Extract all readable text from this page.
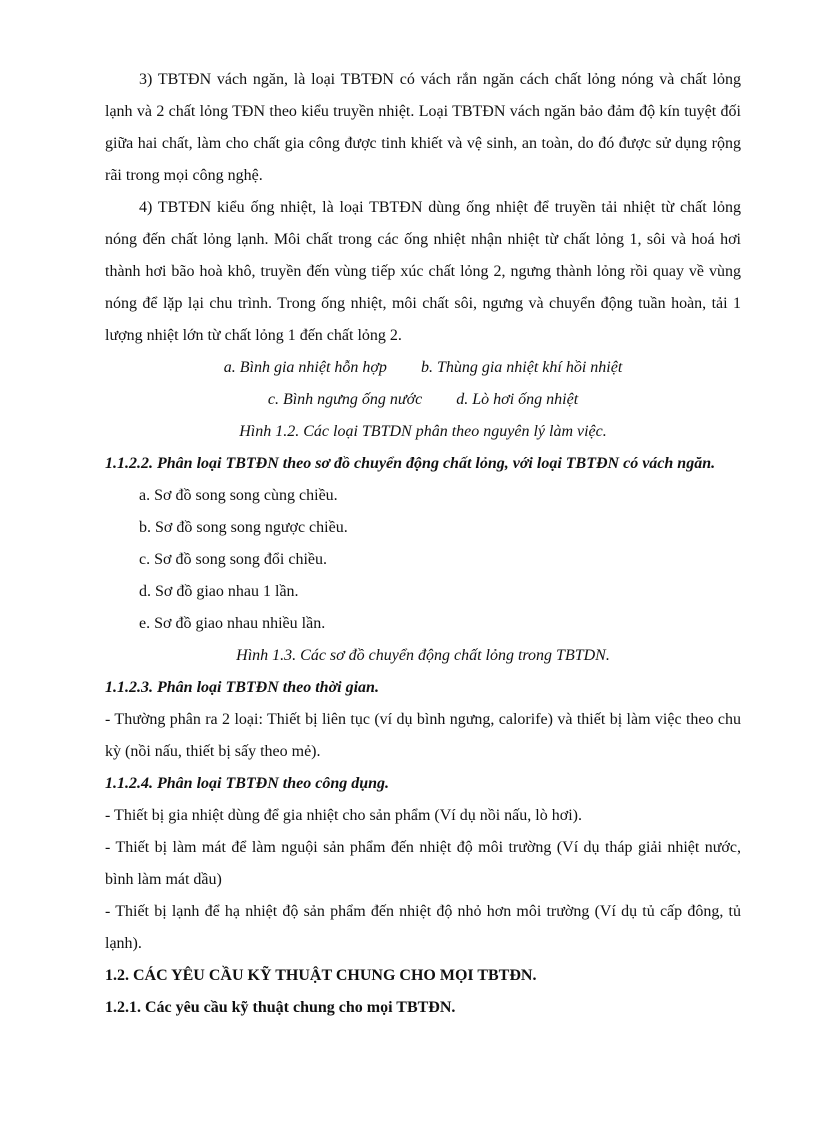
3) TBTĐN vách ngăn, là loại TBTĐN có vách rắn ngăn cách chất lỏng nóng và chất lỏng lạnh và 2 chất lỏng TĐN theo kiểu truyền nhiệt. Loại TBTĐN vách ngăn bảo đảm độ kín tuyệt đối giữa hai chất, làm cho chất gia công được tinh khiết và vệ sinh, an toàn, do đó được sử dụng rộng rãi trong mọi công nghệ.

4) TBTĐN kiểu ống nhiệt, là loại TBTĐN dùng ống nhiệt để truyền tải nhiệt từ chất lỏng nóng đến chất lỏng lạnh. Môi chất trong các ống nhiệt nhận nhiệt từ chất lỏng 1, sôi và hoá hơi thành hơi bão hoà khô, truyền đến vùng tiếp xúc chất lỏng 2, ngưng thành lỏng rồi quay về vùng nóng để lặp lại chu trình. Trong ống nhiệt, môi chất sôi, ngưng và chuyển động tuần hoàn, tải 1 lượng nhiệt lớn từ chất lỏng 1 đến chất lỏng 2.

a. Bình gia nhiệt hỗn hợp b. Thùng gia nhiệt khí hồi nhiệt

c. Bình ngưng ống nước d. Lò hơi ống nhiệt

Hình 1.2. Các loại TBTDN phân theo nguyên lý làm việc.

1.1.2.2. Phân loại TBTĐN theo sơ đồ chuyển động chất lỏng, với loại TBTĐN có vách ngăn.

a. Sơ đồ song song cùng chiều.

b. Sơ đồ song song ngược chiều.

c. Sơ đồ song song đổi chiều.

d. Sơ đồ giao nhau 1 lần.

e. Sơ đồ giao nhau nhiều lần.

Hình 1.3. Các sơ đồ chuyển động chất lỏng trong TBTDN.

1.1.2.3. Phân loại TBTĐN theo thời gian.

- Thường phân ra 2 loại: Thiết bị liên tục (ví dụ bình ngưng, calorife) và thiết bị làm việc theo chu kỳ (nồi nấu, thiết bị sấy theo mẻ).

1.1.2.4. Phân loại TBTĐN theo công dụng.

- Thiết bị gia nhiệt dùng để gia nhiệt cho sản phẩm (Ví dụ nồi nấu, lò hơi).

- Thiết bị làm mát để làm nguội sản phẩm đến nhiệt độ môi trường (Ví dụ tháp giải nhiệt nước, bình làm mát dầu)

- Thiết bị lạnh để hạ nhiệt độ sản phẩm đến nhiệt độ nhỏ hơn môi trường (Ví dụ tủ cấp đông, tủ lạnh).

1.2. CÁC YÊU CẦU KỸ THUẬT CHUNG CHO MỌI TBTĐN.

1.2.1. Các yêu cầu kỹ thuật chung cho mọi TBTĐN.
